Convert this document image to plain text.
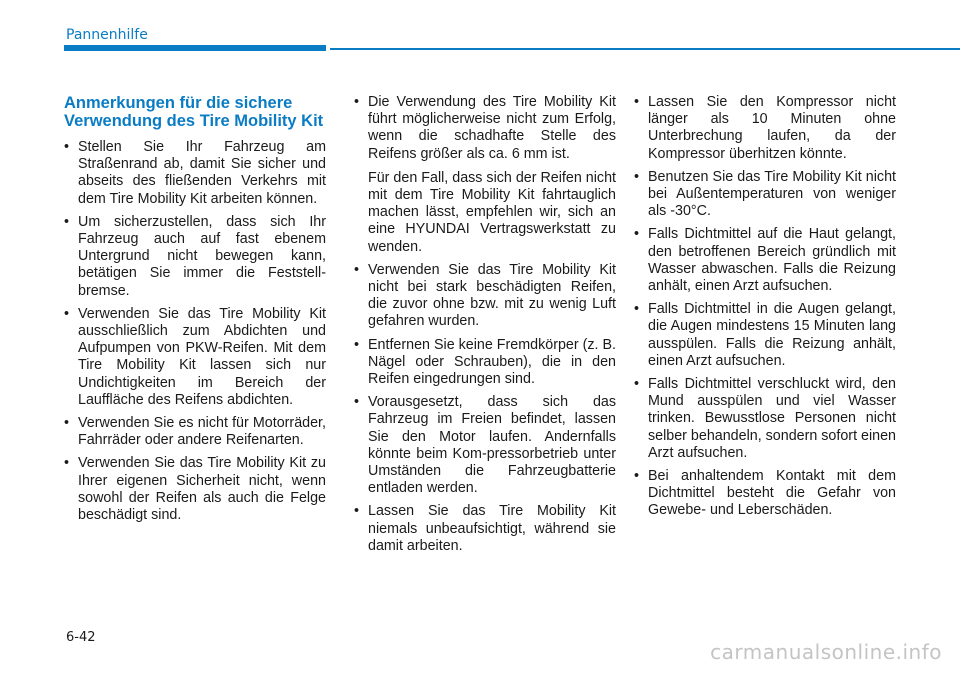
Pannenhilfe
Anmerkungen für die sichere Verwendung des Tire Mobility Kit
• Stellen Sie Ihr Fahrzeug am Straßenrand ab, damit Sie sicher und abseits des fließenden Verkehrs mit dem Tire Mobility Kit arbeiten können.
• Um sicherzustellen, dass sich Ihr Fahrzeug auch auf fast ebenem Untergrund nicht bewegen kann, betätigen Sie immer die Feststell-bremse.
• Verwenden Sie das Tire Mobility Kit ausschließlich zum Abdichten und Aufpumpen von PKW-Reifen. Mit dem Tire Mobility Kit lassen sich nur Undichtigkeiten im Bereich der Lauffläche des Reifens abdichten.
• Verwenden Sie es nicht für Motorräder, Fahrräder oder andere Reifenarten.
• Verwenden Sie das Tire Mobility Kit zu Ihrer eigenen Sicherheit nicht, wenn sowohl der Reifen als auch die Felge beschädigt sind.
• Die Verwendung des Tire Mobility Kit führt möglicherweise nicht zum Erfolg, wenn die schadhafte Stelle des Reifens größer als ca. 6 mm ist.

Für den Fall, dass sich der Reifen nicht mit dem Tire Mobility Kit fahrtauglich machen lässt, empfehlen wir, sich an eine HYUNDAI Vertragswerkstatt zu wenden.

• Verwenden Sie das Tire Mobility Kit nicht bei stark beschädigten Reifen, die zuvor ohne bzw. mit zu wenig Luft gefahren wurden.
• Entfernen Sie keine Fremdkörper (z. B. Nägel oder Schrauben), die in den Reifen eingedrungen sind.
• Vorausgesetzt, dass sich das Fahrzeug im Freien befindet, lassen Sie den Motor laufen. Andernfalls könnte beim Kom-pressorbetrieb unter Umständen die Fahrzeugbatterie entladen werden.
• Lassen Sie das Tire Mobility Kit niemals unbeaufsichtigt, während sie damit arbeiten.
• Lassen Sie den Kompressor nicht länger als 10 Minuten ohne Unterbrechung laufen, da der Kompressor überhitzen könnte.
• Benutzen Sie das Tire Mobility Kit nicht bei Außentemperaturen von weniger als -30°C.
• Falls Dichtmittel auf die Haut gelangt, den betroffenen Bereich gründlich mit Wasser abwaschen. Falls die Reizung anhält, einen Arzt aufsuchen.
• Falls Dichtmittel in die Augen gelangt, die Augen mindestens 15 Minuten lang ausspülen. Falls die Reizung anhält, einen Arzt aufsuchen.
• Falls Dichtmittel verschluckt wird, den Mund ausspülen und viel Wasser trinken. Bewusstlose Personen nicht selber behandeln, sondern sofort einen Arzt aufsuchen.
• Bei anhaltendem Kontakt mit dem Dichtmittel besteht die Gefahr von Gewebe- und Leberschäden.
6-42
carmanualsonline.info
